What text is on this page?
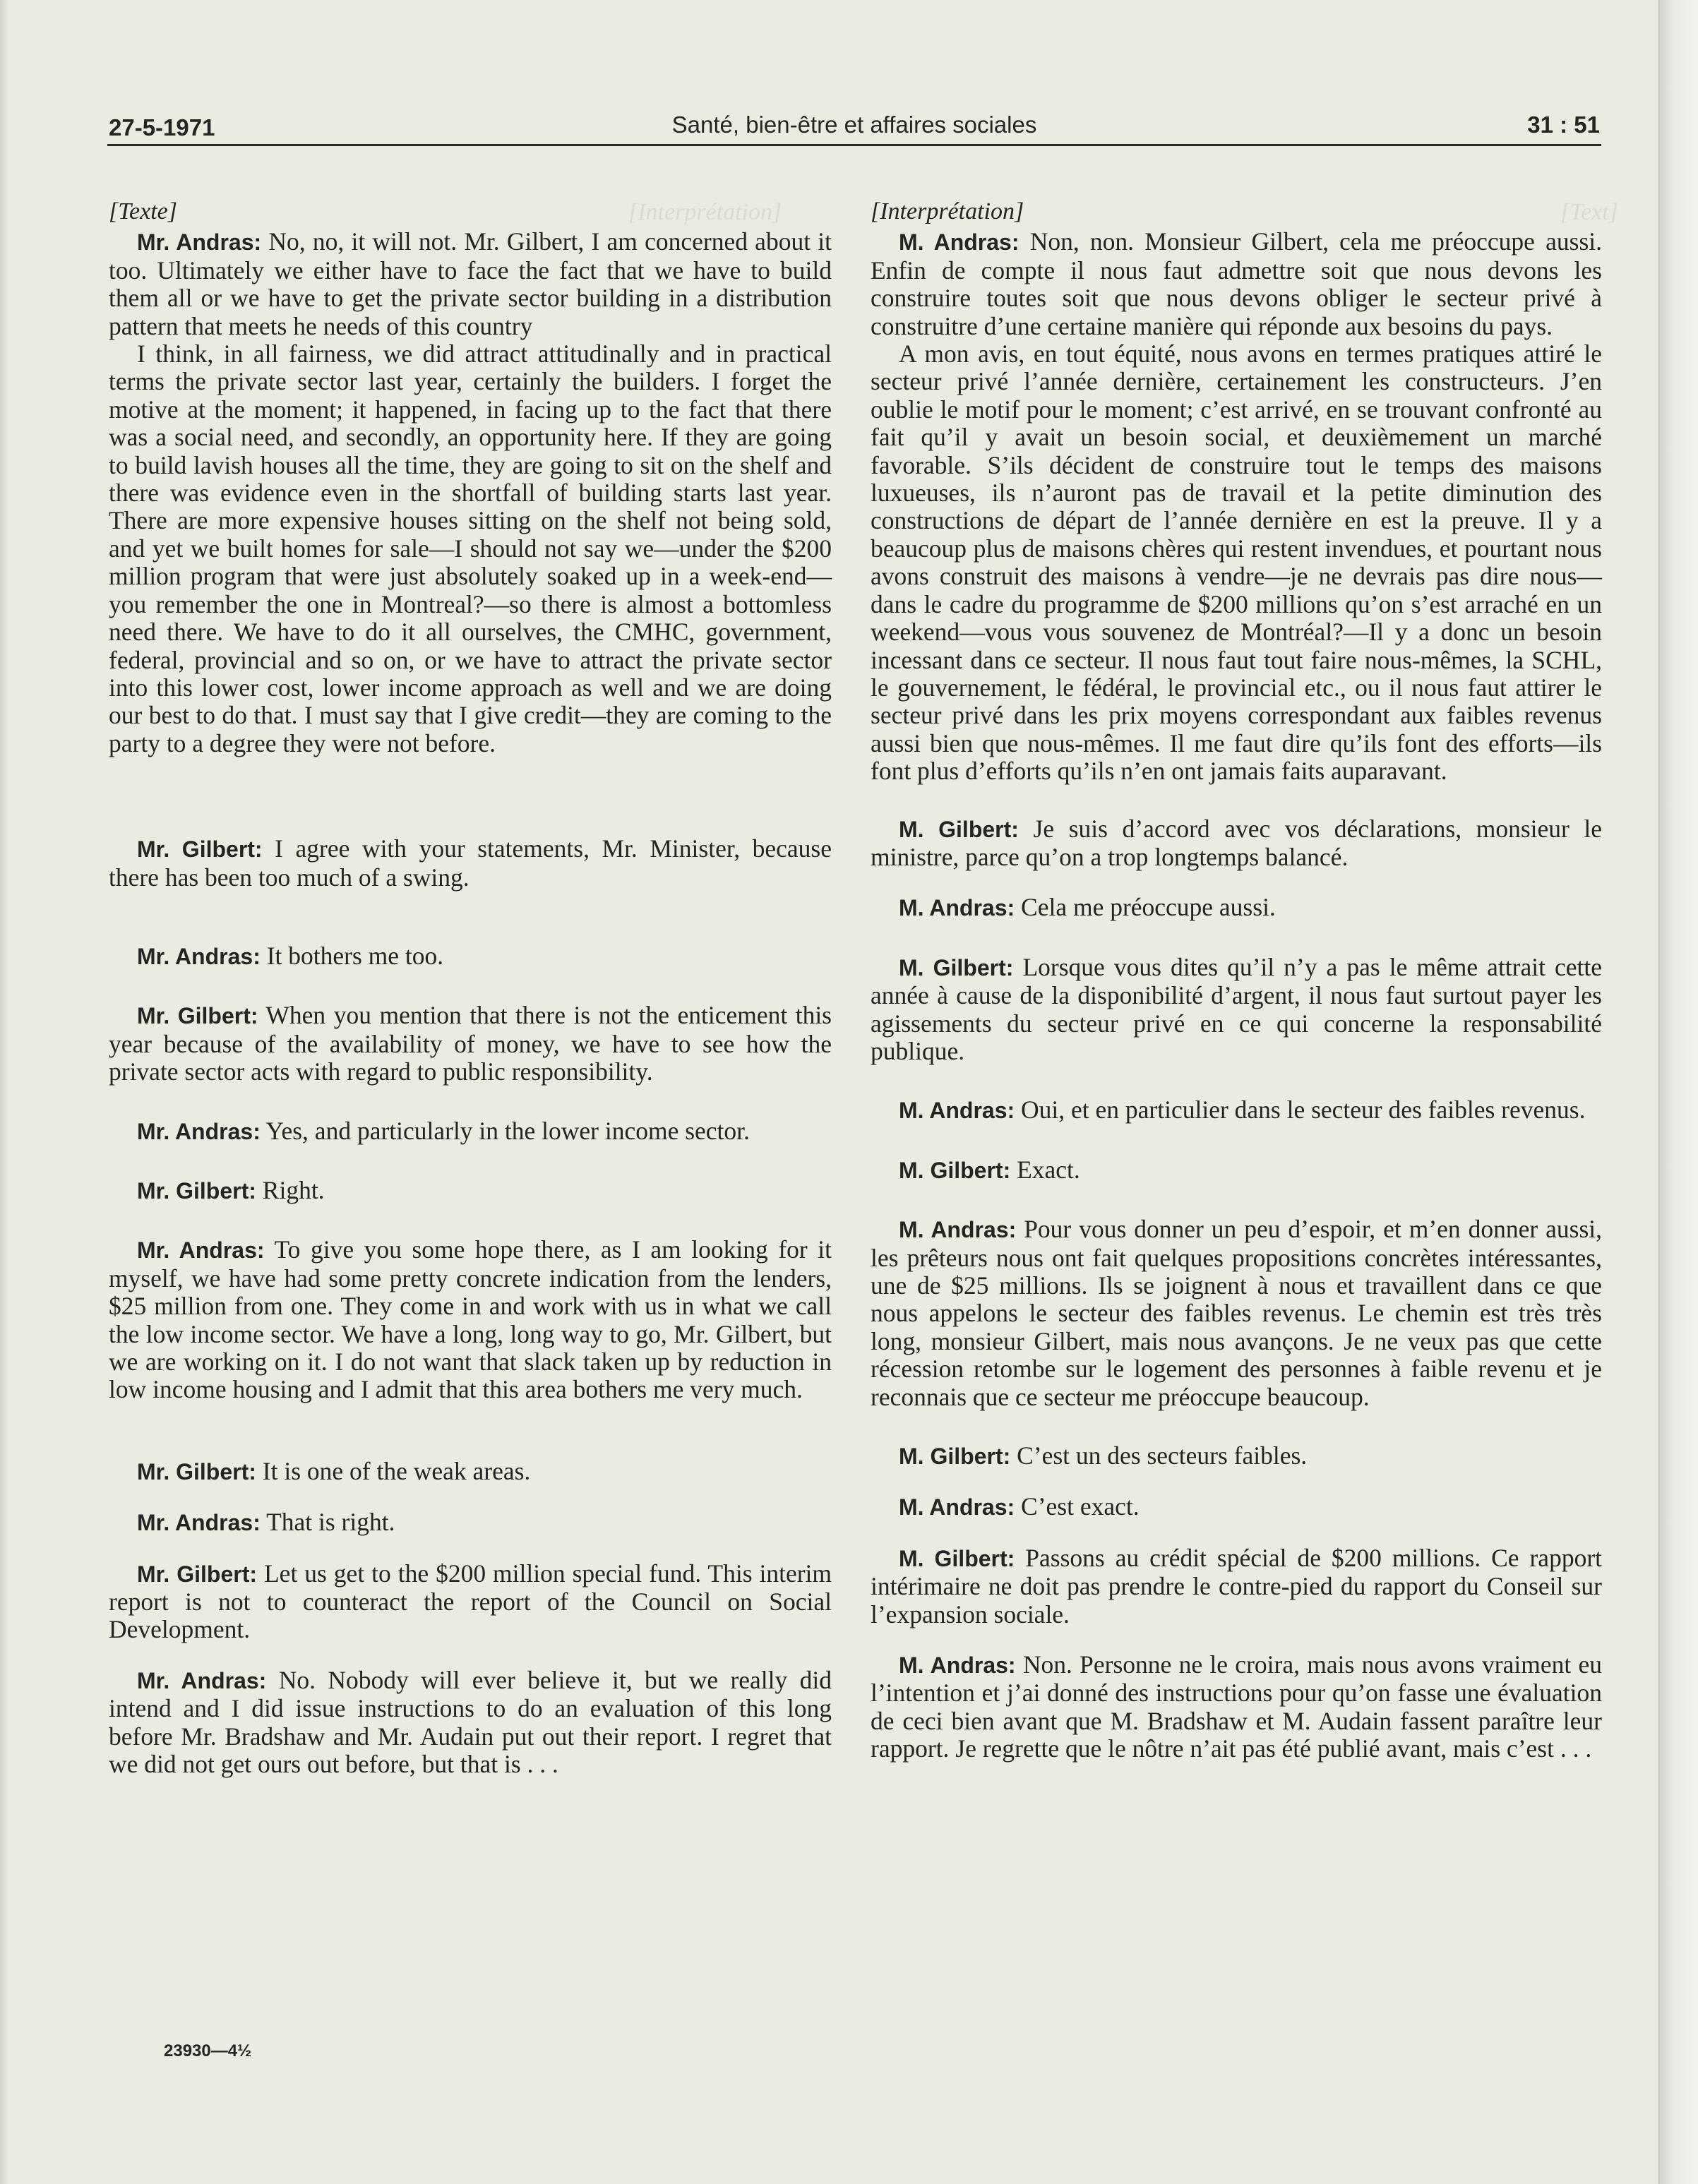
27-5-1971	Santé, bien-être et affaires sociales	31 : 51
[Interprétation]	[Text]
[Texte]

Mr. Andras: No, no, it will not. Mr. Gilbert, I am concerned about it too. Ultimately we either have to face the fact that we have to build them all or we have to get the private sector building in a distribution pattern that meets he needs of this country

I think, in all fairness, we did attract attitudinally and in practical terms the private sector last year, certainly the builders. I forget the motive at the moment; it happened, in facing up to the fact that there was a social need, and secondly, an opportunity here. If they are going to build lavish houses all the time, they are going to sit on the shelf and there was evidence even in the shortfall of building starts last year. There are more expensive houses sitting on the shelf not being sold, and yet we built homes for sale—I should not say we—under the $200 million program that were just absolutely soaked up in a week-end—you remember the one in Montreal?—so there is almost a bottomless need there. We have to do it all ourselves, the CMHC, government, federal, provincial and so on, or we have to attract the private sector into this lower cost, lower income approach as well and we are doing our best to do that. I must say that I give credit—they are coming to the party to a degree they were not before.

Mr. Gilbert: I agree with your statements, Mr. Minister, because there has been too much of a swing.

Mr. Andras: It bothers me too.

Mr. Gilbert: When you mention that there is not the enticement this year because of the availability of money, we have to see how the private sector acts with regard to public responsibility.

Mr. Andras: Yes, and particularly in the lower income sector.

Mr. Gilbert: Right.

Mr. Andras: To give you some hope there, as I am looking for it myself, we have had some pretty concrete indication from the lenders, $25 million from one. They come in and work with us in what we call the low income sector. We have a long, long way to go, Mr. Gilbert, but we are working on it. I do not want that slack taken up by reduction in low income housing and I admit that this area bothers me very much.

Mr. Gilbert: It is one of the weak areas.

Mr. Andras: That is right.

Mr. Gilbert: Let us get to the $200 million special fund. This interim report is not to counteract the report of the Council on Social Development.

Mr. Andras: No. Nobody will ever believe it, but we really did intend and I did issue instructions to do an evaluation of this long before Mr. Bradshaw and Mr. Audain put out their report. I regret that we did not get ours out before, but that is . . .

[Interprétation]

M. Andras: Non, non. Monsieur Gilbert, cela me préoccupe aussi. Enfin de compte il nous faut admettre soit que nous devons les construire toutes soit que nous devons obliger le secteur privé à construitre d’une certaine manière qui réponde aux besoins du pays.

A mon avis, en tout équité, nous avons en termes pratiques attiré le secteur privé l’année dernière, certainement les constructeurs. J’en oublie le motif pour le moment; c’est arrivé, en se trouvant confronté au fait qu’il y avait un besoin social, et deuxièmement un marché favorable. S’ils décident de construire tout le temps des maisons luxueuses, ils n’auront pas de travail et la petite diminution des constructions de départ de l’année dernière en est la preuve. Il y a beaucoup plus de maisons chères qui restent invendues, et pourtant nous avons construit des maisons à vendre—je ne devrais pas dire nous—dans le cadre du programme de $200 millions qu’on s’est arraché en un weekend—vous vous souvenez de Montréal?—Il y a donc un besoin incessant dans ce secteur. Il nous faut tout faire nous-mêmes, la SCHL, le gouvernement, le fédéral, le provincial etc., ou il nous faut attirer le secteur privé dans les prix moyens correspondant aux faibles revenus aussi bien que nous-mêmes. Il me faut dire qu’ils font des efforts—ils font plus d’efforts qu’ils n’en ont jamais faits auparavant.

M. Gilbert: Je suis d’accord avec vos déclarations, monsieur le ministre, parce qu’on a trop longtemps balancé.

M. Andras: Cela me préoccupe aussi.

M. Gilbert: Lorsque vous dites qu’il n’y a pas le même attrait cette année à cause de la disponibilité d’argent, il nous faut surtout payer les agissements du secteur privé en ce qui concerne la responsabilité publique.

M. Andras: Oui, et en particulier dans le secteur des faibles revenus.

M. Gilbert: Exact.

M. Andras: Pour vous donner un peu d’espoir, et m’en donner aussi, les prêteurs nous ont fait quelques propositions concrètes intéressantes, une de $25 millions. Ils se joignent à nous et travaillent dans ce que nous appelons le secteur des faibles revenus. Le chemin est très très long, monsieur Gilbert, mais nous avançons. Je ne veux pas que cette récession retombe sur le logement des personnes à faible revenu et je reconnais que ce secteur me préoccupe beaucoup.

M. Gilbert: C’est un des secteurs faibles.

M. Andras: C’est exact.

M. Gilbert: Passons au crédit spécial de $200 millions. Ce rapport intérimaire ne doit pas prendre le contre-pied du rapport du Conseil sur l’expansion sociale.

M. Andras: Non. Personne ne le croira, mais nous avons vraiment eu l’intention et j’ai donné des instructions pour qu’on fasse une évaluation de ceci bien avant que M. Bradshaw et M. Audain fassent paraître leur rapport. Je regrette que le nôtre n’ait pas été publié avant, mais c’est . . .

23930—4½
